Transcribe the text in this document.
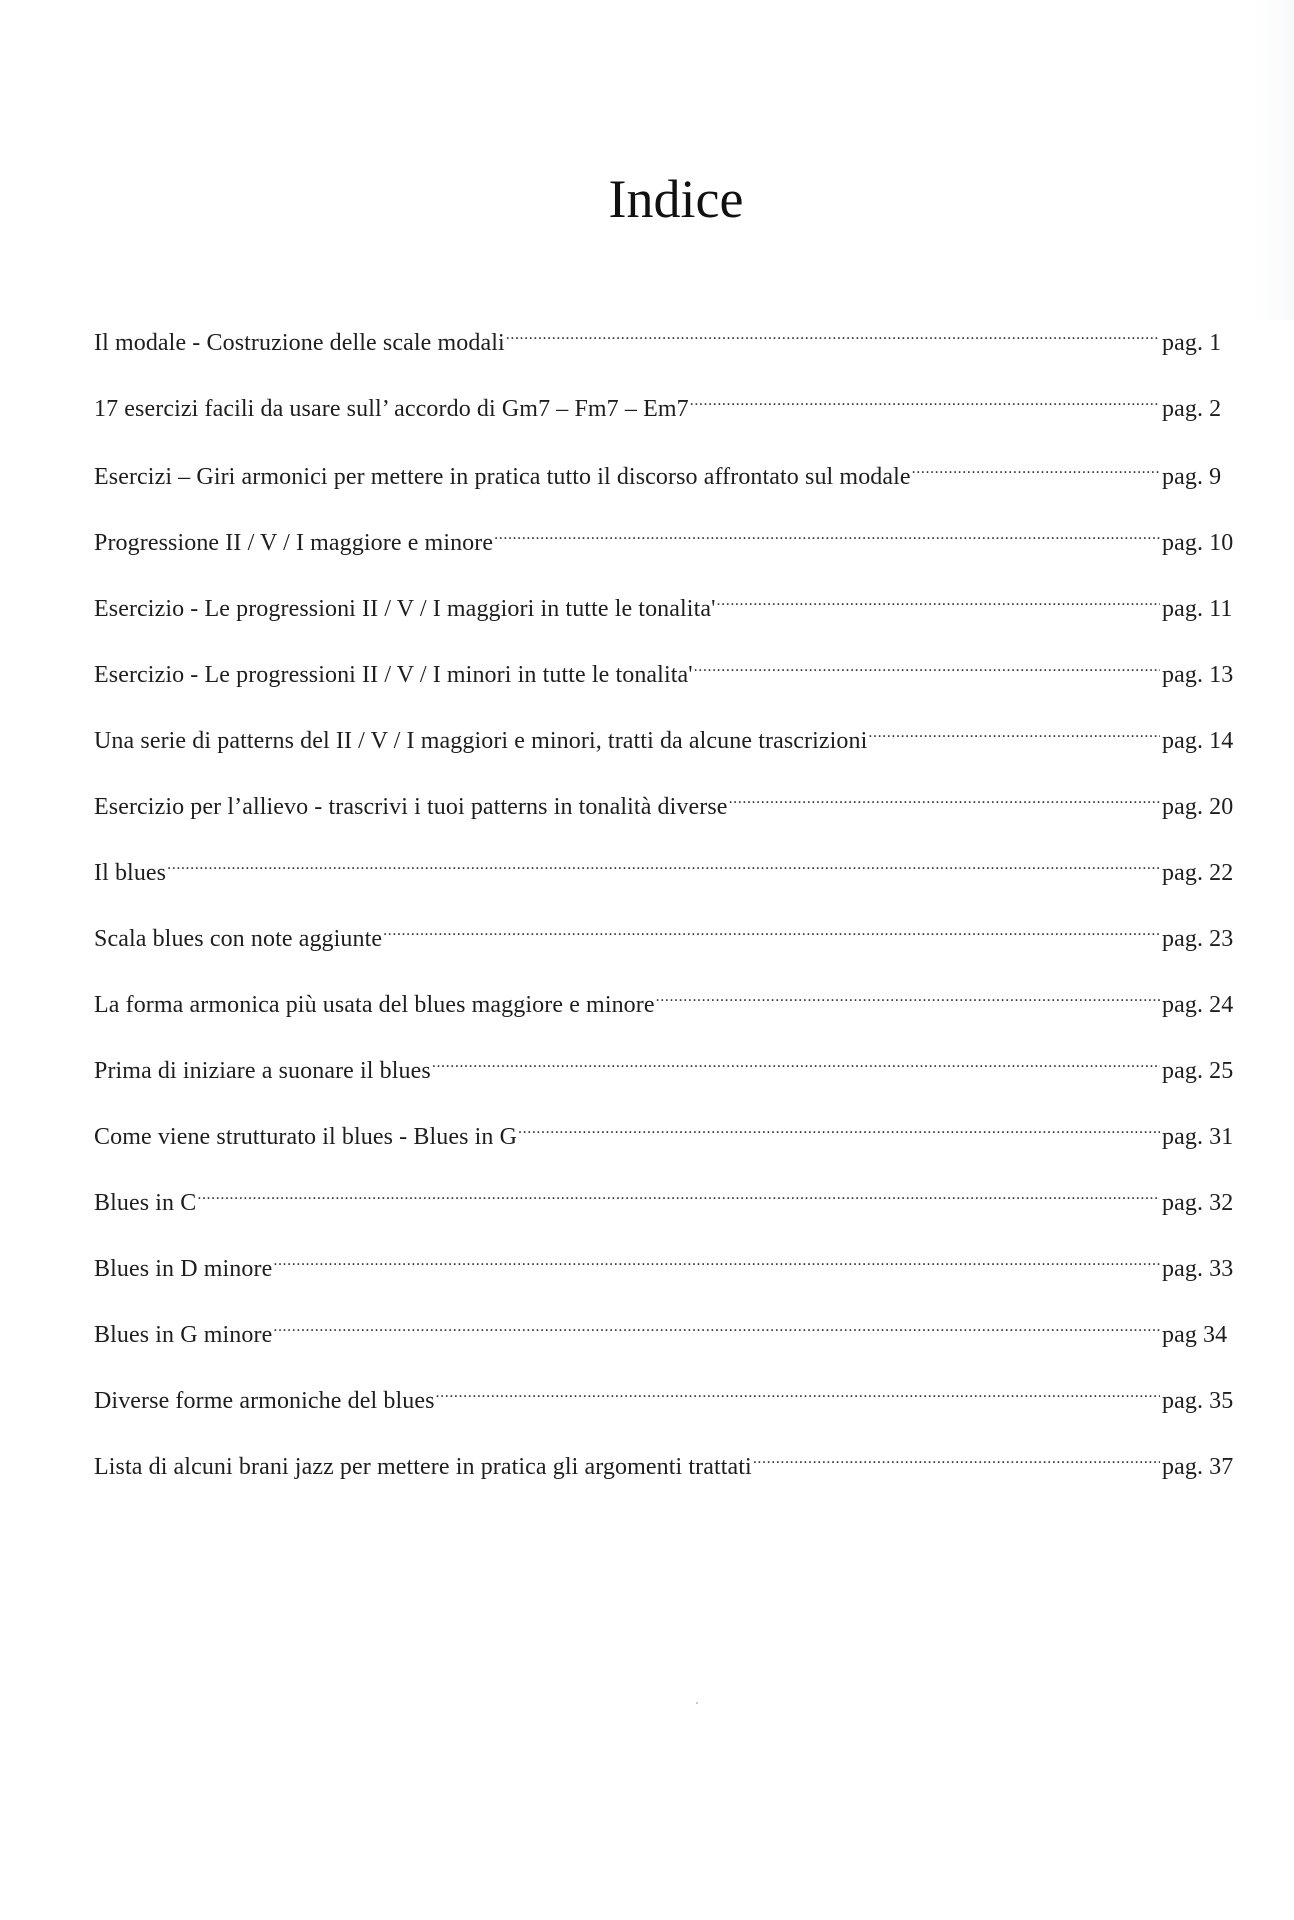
Indice
Il modale - Costruzione delle scale modali .....	pag. 1
17 esercizi facili da usare sull’ accordo di Gm7 – Fm7 – Em7 .....	pag. 2
Esercizi – Giri armonici per mettere in pratica tutto il discorso affrontato sul modale .....	pag. 9
Progressione II / V / I maggiore e minore .....	pag. 10
Esercizio - Le progressioni II / V / I maggiori in tutte le tonalita' .....	pag. 11
Esercizio - Le progressioni II / V / I minori in tutte le tonalita' .....	pag. 13
Una serie di patterns del II / V / I maggiori e minori, tratti da alcune trascrizioni .....	pag. 14
Esercizio per l’allievo - trascrivi i tuoi patterns in tonalità diverse .....	pag. 20
Il blues .....	pag. 22
Scala blues con note aggiunte .....	pag. 23
La forma armonica più usata del blues maggiore e minore .....	pag. 24
Prima di iniziare a suonare il blues .....	pag. 25
Come viene strutturato il blues - Blues in G .....	pag. 31
Blues in C .....	pag. 32
Blues in D minore .....	pag. 33
Blues in G minore .....	pag 34
Diverse forme armoniche del blues .....	pag. 35
Lista di alcuni brani jazz per mettere in pratica gli argomenti trattati .....	pag. 37
